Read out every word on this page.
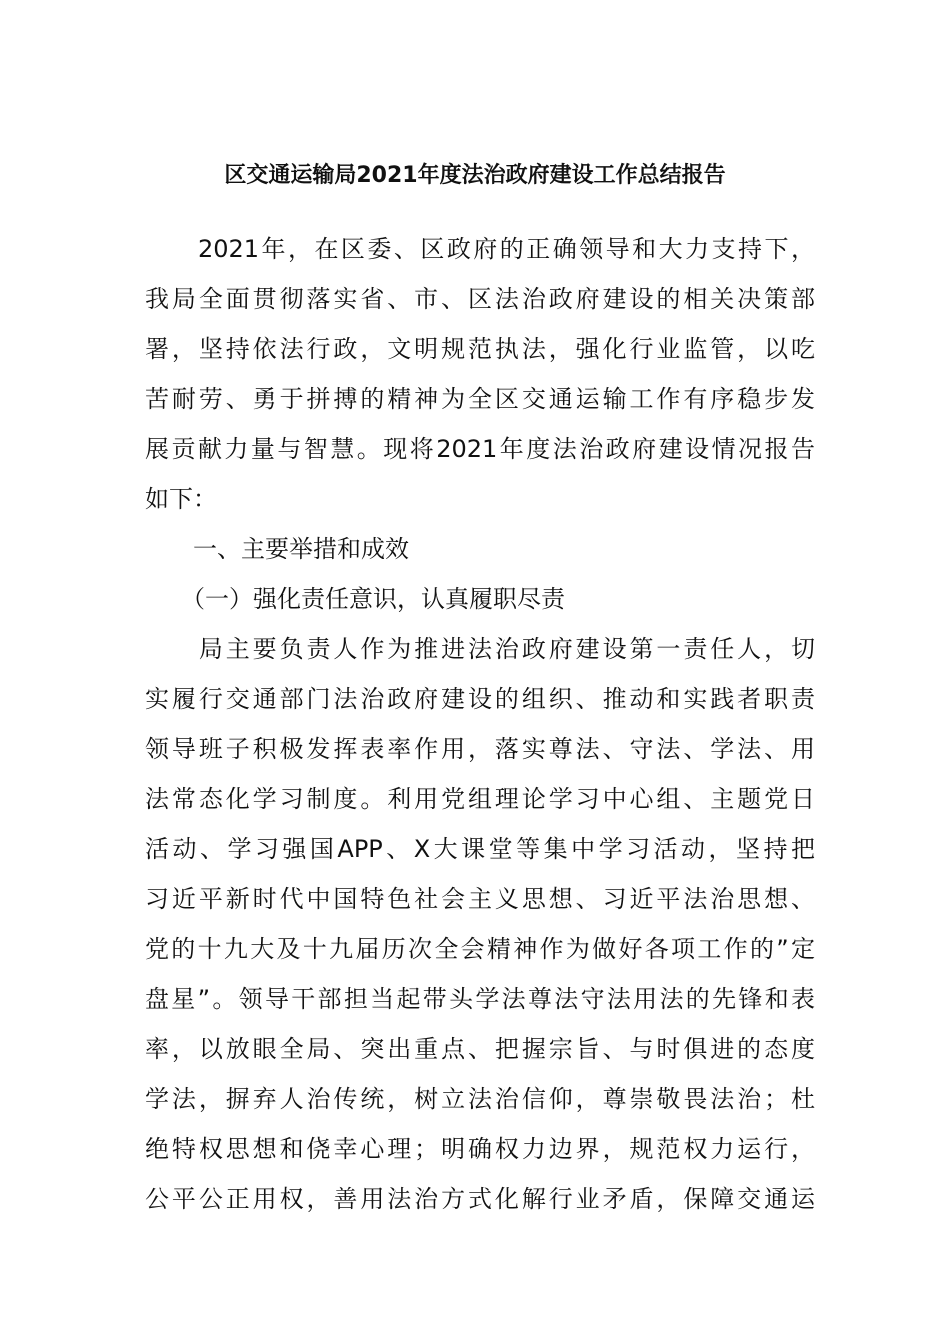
区交通运输局2021年度法治政府建设工作总结报告
　　2021年，在区委、区政府的正确领导和大力支持下，
我局全面贯彻落实省、市、区法治政府建设的相关决策部
署，坚持依法行政，文明规范执法，强化行业监管，以吃
苦耐劳、勇于拼搏的精神为全区交通运输工作有序稳步发
展贡献力量与智慧。现将2021年度法治政府建设情况报告
如下：
　　一、主要举措和成效
　　（一）强化责任意识，认真履职尽责
　　局主要负责人作为推进法治政府建设第一责任人，切
实履行交通部门法治政府建设的组织、推动和实践者职责
领导班子积极发挥表率作用，落实尊法、守法、学法、用
法常态化学习制度。利用党组理论学习中心组、主题党日
活动、学习强国APP、X大课堂等集中学习活动，坚持把
习近平新时代中国特色社会主义思想、习近平法治思想、
党的十九大及十九届历次全会精神作为做好各项工作的”定
盘星”。领导干部担当起带头学法尊法守法用法的先锋和表
率，以放眼全局、突出重点、把握宗旨、与时俱进的态度
学法，摒弃人治传统，树立法治信仰，尊崇敬畏法治；杜
绝特权思想和侥幸心理；明确权力边界，规范权力运行，
公平公正用权，善用法治方式化解行业矛盾，保障交通运
